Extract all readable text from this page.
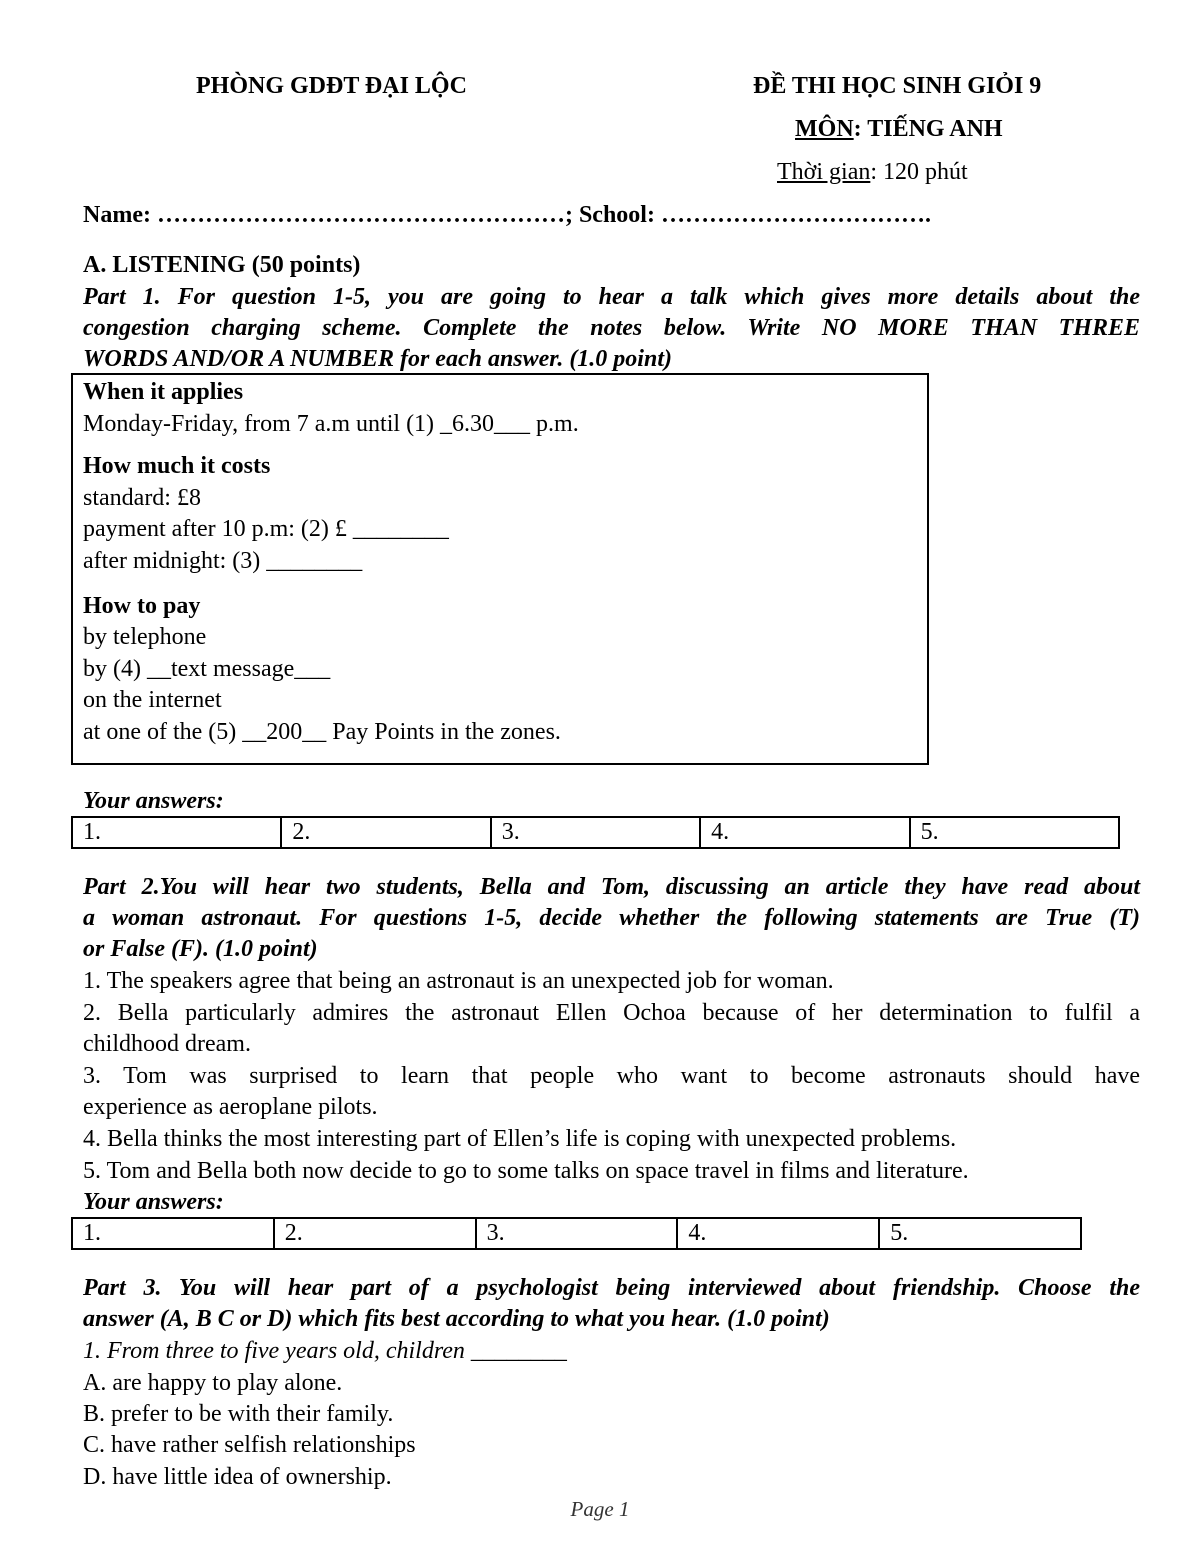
PHÒNG GDĐT ĐẠI LỘC	ĐỀ THI HỌC SINH GIỎI 9
MÔN: TIẾNG ANH
Thời gian: 120 phút
Name: ……………………………………………; School: …………………………….
A. LISTENING (50 points)
Part 1. For question 1-5, you are going to hear a talk which gives more details about the
congestion charging scheme. Complete the notes below. Write NO MORE THAN THREE
WORDS AND/OR A NUMBER for each answer. (1.0 point)
When it applies
Monday-Friday, from 7 a.m until (1) _6.30___ p.m.
How much it costs
standard: £8
payment after 10 p.m: (2) £ ________
after midnight: (3) ________
How to pay
by telephone
by (4) __text message___
on the internet
at one of the (5) __200__ Pay Points in the zones.
Your answers:
1.	2.	3.	4.	5.
Part 2.You will hear two students, Bella and Tom, discussing an article they have read about
a woman astronaut. For questions 1-5, decide whether the following statements are True (T)
or False (F). (1.0 point)
1. The speakers agree that being an astronaut is an unexpected job for woman.
2. Bella particularly admires the astronaut Ellen Ochoa because of her determination to fulfil a
childhood dream.
3. Tom was surprised to learn that people who want to become astronauts should have
experience as aeroplane pilots.
4. Bella thinks the most interesting part of Ellen’s life is coping with unexpected problems.
5. Tom and Bella both now decide to go to some talks on space travel in films and literature.
Your answers:
1.	2.	3.	4.	5.
Part 3. You will hear part of a psychologist being interviewed about friendship. Choose the
answer (A, B C or D) which fits best according to what you hear. (1.0 point)
1. From three to five years old, children ________
A. are happy to play alone.
B. prefer to be with their family.
C. have rather selfish relationships
D. have little idea of ownership.
Page 1
